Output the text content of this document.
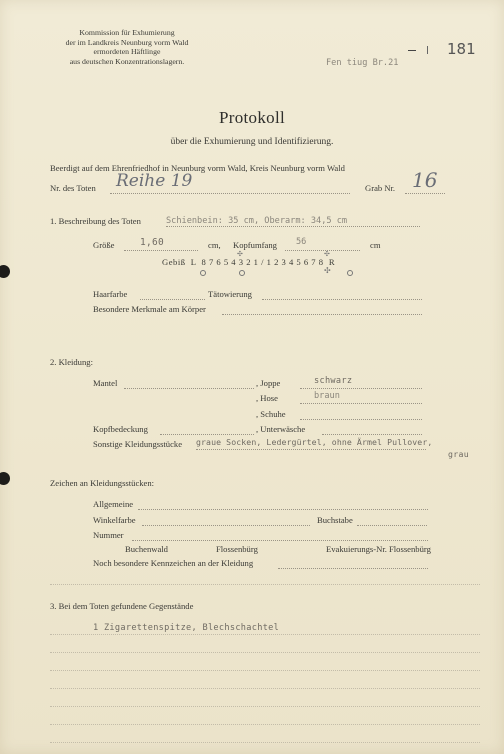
Kommission für Exhumierung
der im Landkreis Neunburg vorm Wald
ermordeten Häftlinge
aus deutschen Konzentrationslagern.	Fen tiug Br.21
181
Protokoll
über die Exhumierung und Identifizierung.
Beerdigt auf dem Ehrenfriedhof in Neunburg vorm Wald, Kreis Neunburg vorm Wald
Nr. des Toten Reihe 19	Grab Nr. 16
1. Beschreibung des Toten	Schienbein: 35 cm, Oberarm: 34,5 cm
Größe	1,60	cm, Kopfumfang 56	cm
Gebiß  L  8 7 6 5 4 3 2 1 / 1 2 3 4 5 6 7 8  R
✣
✣	✣
Haarfarbe	Tätowierung
Besondere Merkmale am Körper
2. Kleidung:
Mantel	, Joppe	schwarz
, Hose	braun
, Schuhe
Kopfbedeckung	, Unterwäsche
Sonstige Kleidungsstücke graue Socken, Ledergürtel, ohne Ärmel Pullover,
grau
Zeichen an Kleidungsstücken:
Allgemeine
Winkelfarbe	Buchstabe
Nummer
Buchenwald	Flossenbürg	Evakuierungs-Nr. Flossenbürg
Noch besondere Kennzeichen an der Kleidung
3. Bei dem Toten gefundene Gegenstände
1 Zigarettenspitze, Blechschachtel
